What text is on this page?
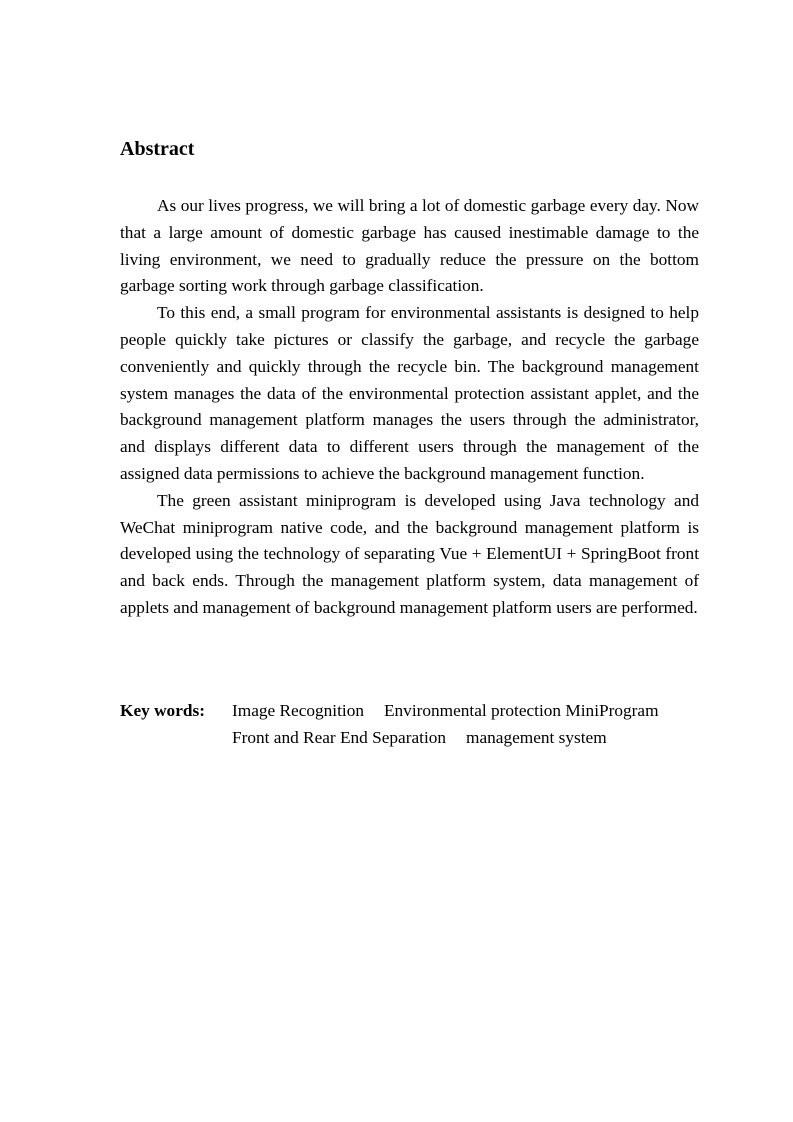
Abstract

As our lives progress, we will bring a lot of domestic garbage every day. Now that a large amount of domestic garbage has caused inestimable damage to the living environment, we need to gradually reduce the pressure on the bottom garbage sorting work through garbage classification.

To this end, a small program for environmental assistants is designed to help people quickly take pictures or classify the garbage, and recycle the garbage conveniently and quickly through the recycle bin. The background management system manages the data of the environmental protection assistant applet, and the background management platform manages the users through the administrator, and displays different data to different users through the management of the assigned data permissions to achieve the background management function.

The green assistant miniprogram is developed using Java technology and WeChat miniprogram native code, and the background management platform is developed using the technology of separating Vue + ElementUI + SpringBoot front and back ends. Through the management platform system, data management of applets and management of background management platform users are performed.

Key words: Image Recognition Environmental protection MiniProgram
Front and Rear End Separation management system
